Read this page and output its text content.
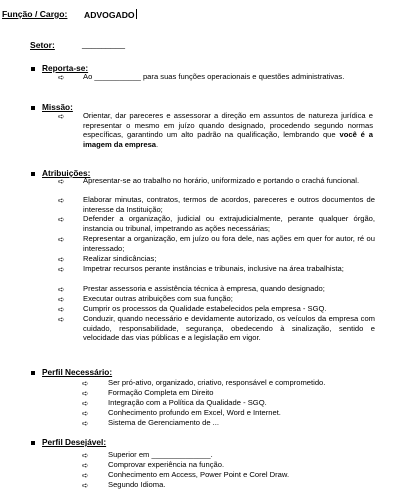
Função / Cargo: ADVOGADO
Setor:	_________
Reporta-se:
➪ Ao ___________ para suas funções operacionais e questões administrativas.
Missão:
➪ Orientar, dar pareceres e assessorar a direção em assuntos de natureza jurídica e representar o mesmo em juízo quando designado, procedendo segundo normas específicas, garantindo um alto padrão na qualificação, lembrando que você é a imagem da empresa.
Atribuições:
➪ Apresentar-se ao trabalho no horário, uniformizado e portando o crachá funcional.
➪ Elaborar minutas, contratos, termos de acordos, pareceres e outros documentos de interesse da Instituição;
➪ Defender a organização, judicial ou extrajudicialmente, perante qualquer órgão, instancia ou tribunal, impetrando as ações necessárias;
➪ Representar a organização, em juízo ou fora dele, nas ações em quer for autor, ré ou interessado;
➪ Realizar sindicâncias;
➪ Impetrar recursos perante instâncias e tribunais, inclusive na área trabalhista;
➪ Prestar assessoria e assistência técnica à empresa, quando designado;
➪ Executar outras atribuições com sua função;
➪ Cumprir os processos da Qualidade estabelecidos pela empresa - SGQ.
➪ Conduzir, quando necessário e devidamente autorizado, os veículos da empresa com cuidado, responsabilidade, segurança, obedecendo à sinalização, sentido e velocidade das vias públicas e a legislação em vigor.
Perfil Necessário:
➪	Ser pró-ativo, organizado, criativo, responsável e comprometido.
➪	Formação Completa em Direito
➪	Integração com a Política da Qualidade - SGQ.
➪	Conhecimento profundo em Excel, Word e Internet.
➪	Sistema de Gerenciamento de ...
Perfil Desejável:
➪	Superior em ______________.
➪	Comprovar experiência na função.
➪	Conhecimento em Access, Power Point e Corel Draw.
➪	Segundo Idioma.
